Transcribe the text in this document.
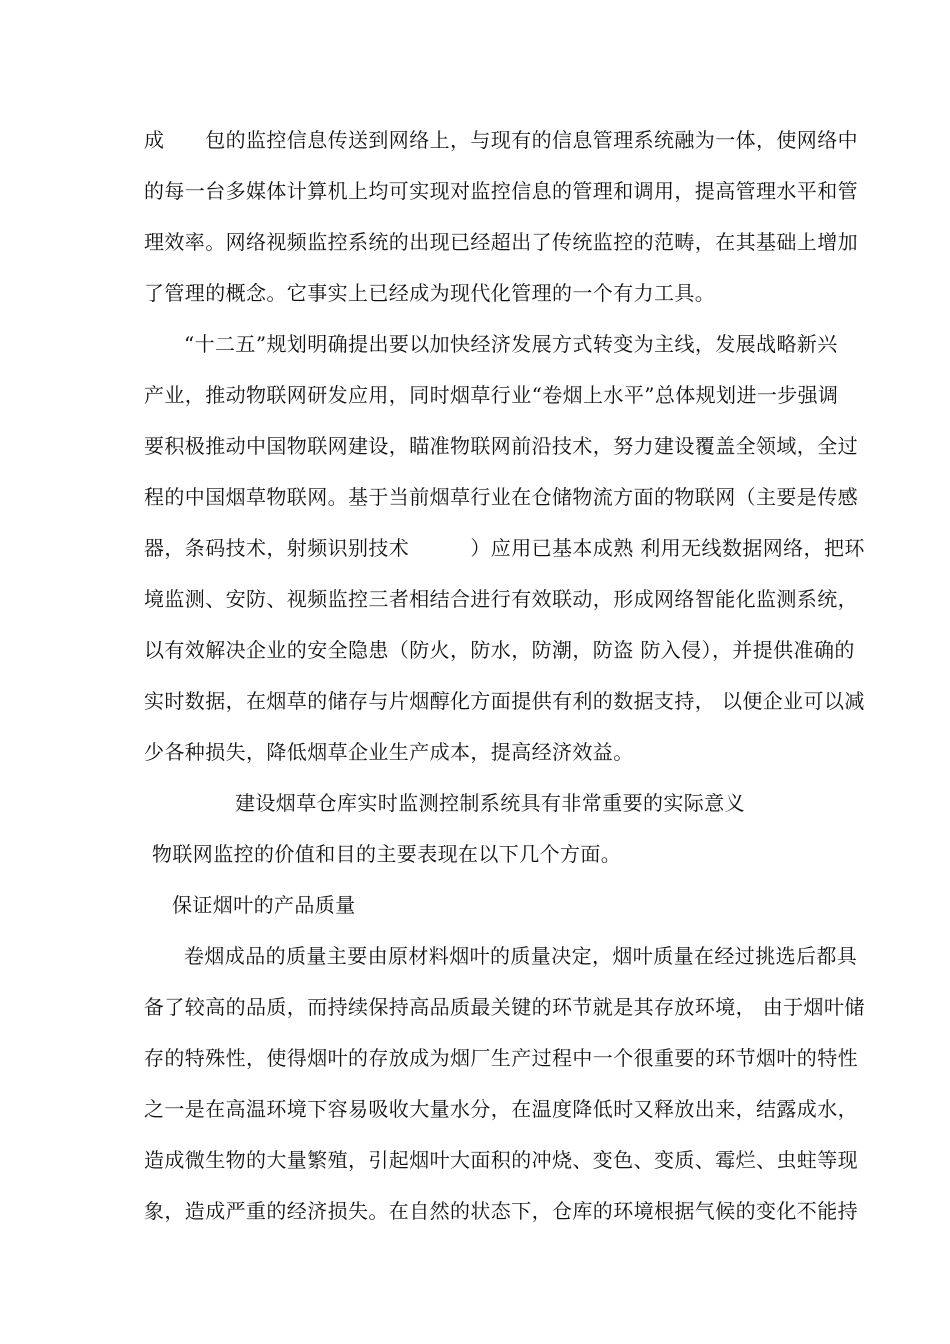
成　　包的监控信息传送到网络上，与现有的信息管理系统融为一体，使网络中
的每一台多媒体计算机上均可实现对监控信息的管理和调用，提高管理水平和管
理效率。网络视频监控系统的出现已经超出了传统监控的范畴，在其基础上增加
了管理的概念。它事实上已经成为现代化管理的一个有力工具。
“十二五”规划明确提出要以加快经济发展方式转变为主线，发展战略新兴
产业，推动物联网研发应用，同时烟草行业“卷烟上水平”总体规划进一步强调
要积极推动中国物联网建设，瞄准物联网前沿技术，努力建设覆盖全领域，全过
程的中国烟草物联网。基于当前烟草行业在仓储物流方面的物联网（主要是传感
器，条码技术，射频识别技术　　　）应用已基本成熟 利用无线数据网络，把环
境监测、安防、视频监控三者相结合进行有效联动，形成网络智能化监测系统，
以有效解决企业的安全隐患（防火，防水，防潮，防盗 防入侵），并提供准确的
实时数据，在烟草的储存与片烟醇化方面提供有利的数据支持， 以便企业可以减
少各种损失，降低烟草企业生产成本，提高经济效益。
建设烟草仓库实时监测控制系统具有非常重要的实际意义
物联网监控的价值和目的主要表现在以下几个方面。
保证烟叶的产品质量
卷烟成品的质量主要由原材料烟叶的质量决定，烟叶质量在经过挑选后都具
备了较高的品质，而持续保持高品质最关键的环节就是其存放环境， 由于烟叶储
存的特殊性，使得烟叶的存放成为烟厂生产过程中一个很重要的环节烟叶的特性
之一是在高温环境下容易吸收大量水分，在温度降低时又释放出来，结露成水，
造成微生物的大量繁殖，引起烟叶大面积的冲烧、变色、变质、霉烂、虫蛀等现
象，造成严重的经济损失。在自然的状态下，仓库的环境根据气候的变化不能持
